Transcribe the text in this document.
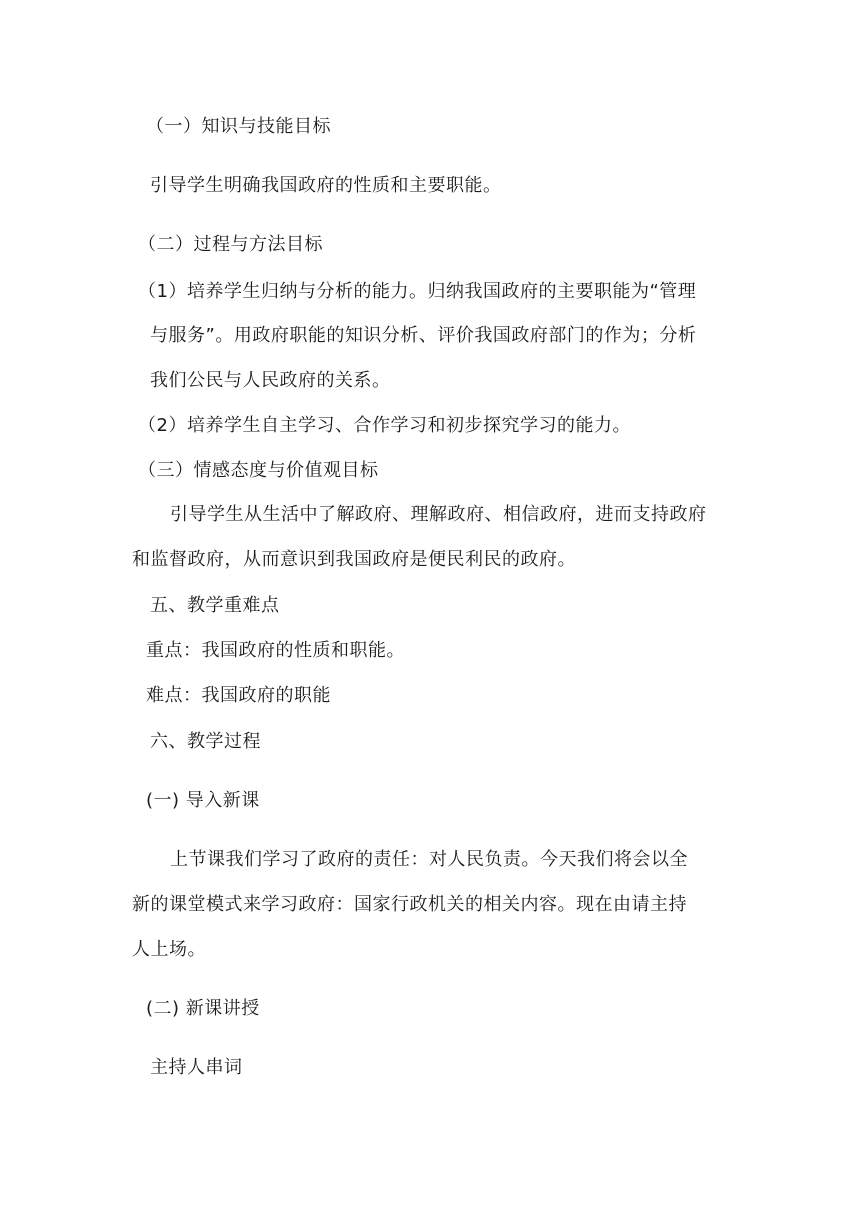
（一）知识与技能目标
引导学生明确我国政府的性质和主要职能。
（二）过程与方法目标
（1）培养学生归纳与分析的能力。归纳我国政府的主要职能为“管理
与服务”。用政府职能的知识分析、评价我国政府部门的作为；分析
我们公民与人民政府的关系。
（2）培养学生自主学习、合作学习和初步探究学习的能力。
（三）情感态度与价值观目标
引导学生从生活中了解政府、理解政府、相信政府，进而支持政府
和监督政府，从而意识到我国政府是便民利民的政府。
五、教学重难点
重点：我国政府的性质和职能。
难点：我国政府的职能
六、教学过程
(一) 导入新课
上节课我们学习了政府的责任：对人民负责。今天我们将会以全
新的课堂模式来学习政府：国家行政机关的相关内容。现在由请主持
人上场。
(二) 新课讲授
主持人串词
